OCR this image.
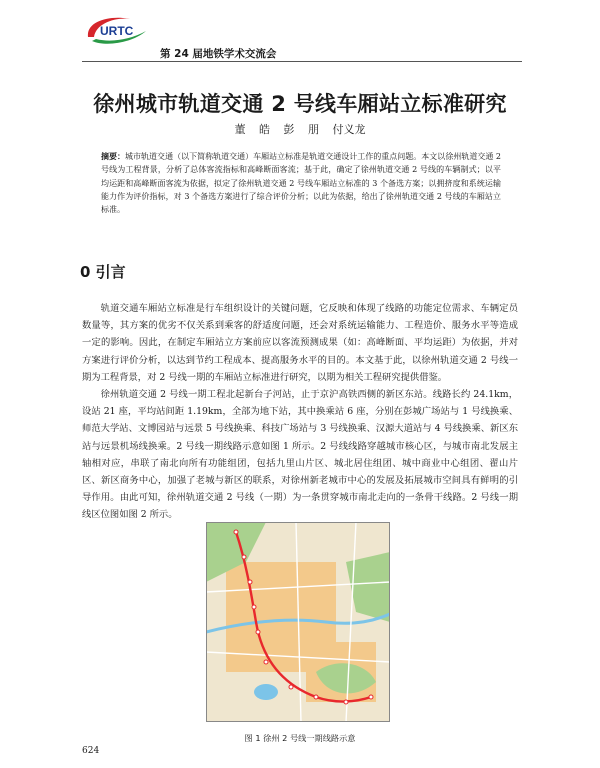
URTC
第 24 届地铁学术交流会
徐州城市轨道交通 2 号线车厢站立标准研究
董 皓 彭 朋 付义龙
摘要：城市轨道交通（以下简称轨道交通）车厢站立标准是轨道交通设计工作的重点问题。本文以徐州轨道交通 2 号线为工程背景，分析了总体客流指标和高峰断面客流；基于此，确定了徐州轨道交通 2 号线的车辆制式；以平均运距和高峰断面客流为依据，拟定了徐州轨道交通 2 号线车厢站立标准的 3 个备选方案；以拥挤度和系统运输能力作为评价指标，对 3 个备选方案进行了综合评价分析；以此为依据，给出了徐州轨道交通 2 号线的车厢站立标准。
0 引言

轨道交通车厢站立标准是行车组织设计的关键问题，它反映和体现了线路的功能定位需求、车辆定员数量等，其方案的优劣不仅关系到乘客的舒适度问题，还会对系统运输能力、工程造价、服务水平等造成一定的影响。因此，在制定车厢站立方案前应以客流预测成果（如：高峰断面、平均运距）为依据，并对方案进行评价分析，以达到节约工程成本、提高服务水平的目的。本文基于此，以徐州轨道交通 2 号线一期为工程背景，对 2 号线一期的车厢站立标准进行研究，以期为相关工程研究提供借鉴。

徐州轨道交通 2 号线一期工程北起新台子河站，止于京沪高铁西侧的新区东站。线路长约 24.1km，设站 21 座，平均站间距 1.19km，全部为地下站，其中换乘站 6 座，分别在彭城广场站与 1 号线换乘、师范大学站、文博园站与远景 5 号线换乘、科技广场站与 3 号线换乘、汉源大道站与 4 号线换乘、新区东站与远景机场线换乘。2 号线一期线路示意如图 1 所示。2 号线线路穿越城市核心区，与城市南北发展主轴相对应，串联了南北向所有功能组团，包括九里山片区、城北居住组团、城中商业中心组团、翟山片区、新区商务中心，加强了老城与新区的联系，对徐州新老城市中心的发展及拓展城市空间具有鲜明的引导作用。由此可知，徐州轨道交通 2 号线（一期）为一条贯穿城市南北走向的一条骨干线路。2 号线一期线区位图如图 2 所示。

图 1 徐州 2 号线一期线路示意
624
